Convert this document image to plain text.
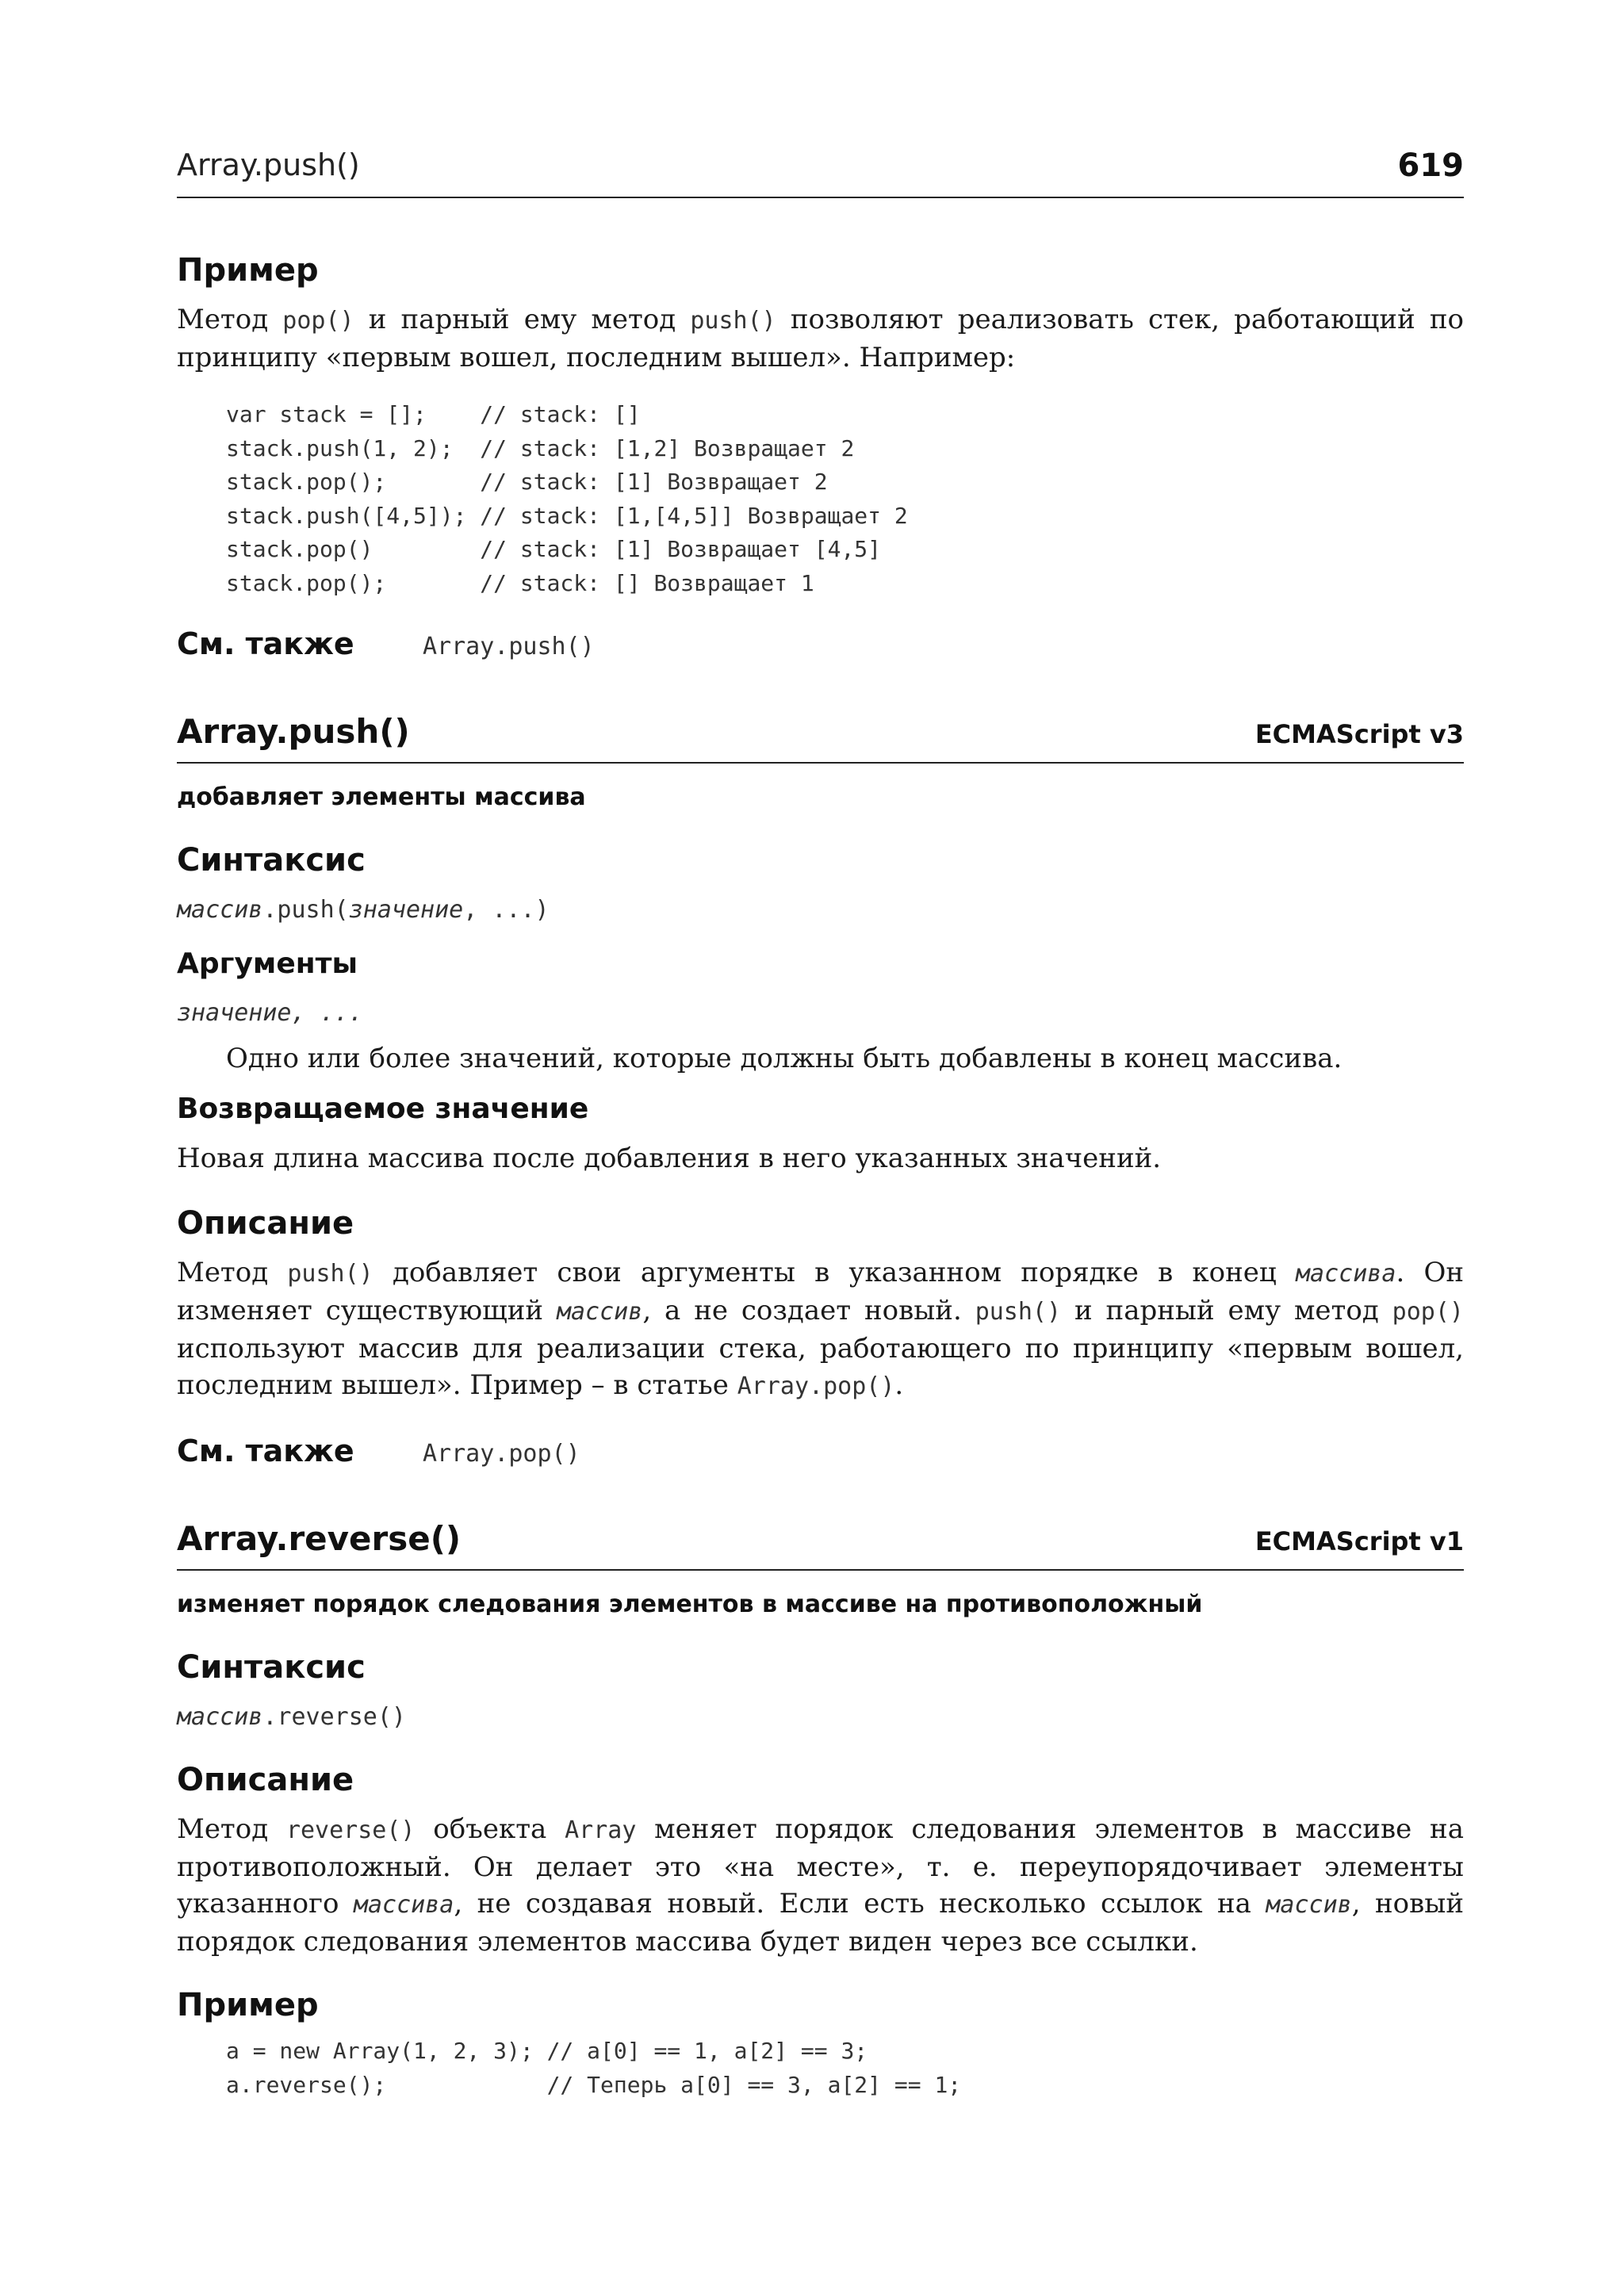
Array.push()	619
Пример

Метод pop() и парный ему метод push() позволяют реализовать стек, работающий по принципу «первым вошел, последним вышел». Например:

var stack = [];    // stack: []
stack.push(1, 2);  // stack: [1,2] Возвращает 2
stack.pop();       // stack: [1] Возвращает 2
stack.push([4,5]); // stack: [1,[4,5]] Возвращает 2
stack.pop()        // stack: [1] Возвращает [4,5]
stack.pop();       // stack: [] Возвращает 1
См. также	Array.push()
Array.push()	ECMAScript v3
добавляет элементы массива
Синтаксис
массив.push(значение, ...)
Аргументы
значение, ...

Одно или более значений, которые должны быть добавлены в конец массива.

Возвращаемое значение

Новая длина массива после добавления в него указанных значений.

Описание

Метод push() добавляет свои аргументы в указанном порядке в конец массива. Он изменяет существующий массив, а не создает новый. push() и парный ему метод pop() используют массив для реализации стека, работающего по принципу «первым вошел, последним вышел». Пример – в статье Array.pop().

См. также	Array.pop()
Array.reverse()	ECMAScript v1
изменяет порядок следования элементов в массиве на противоположный
Синтаксис
массив.reverse()
Описание

Метод reverse() объекта Array меняет порядок следования элементов в массиве на противоположный. Он делает это «на месте», т. е. переупорядочивает элементы указанного массива, не создавая новый. Если есть несколько ссылок на массив, новый порядок следования элементов массива будет виден через все ссылки.

Пример
a = new Array(1, 2, 3); // a[0] == 1, a[2] == 3;
a.reverse();            // Теперь a[0] == 3, a[2] == 1;
